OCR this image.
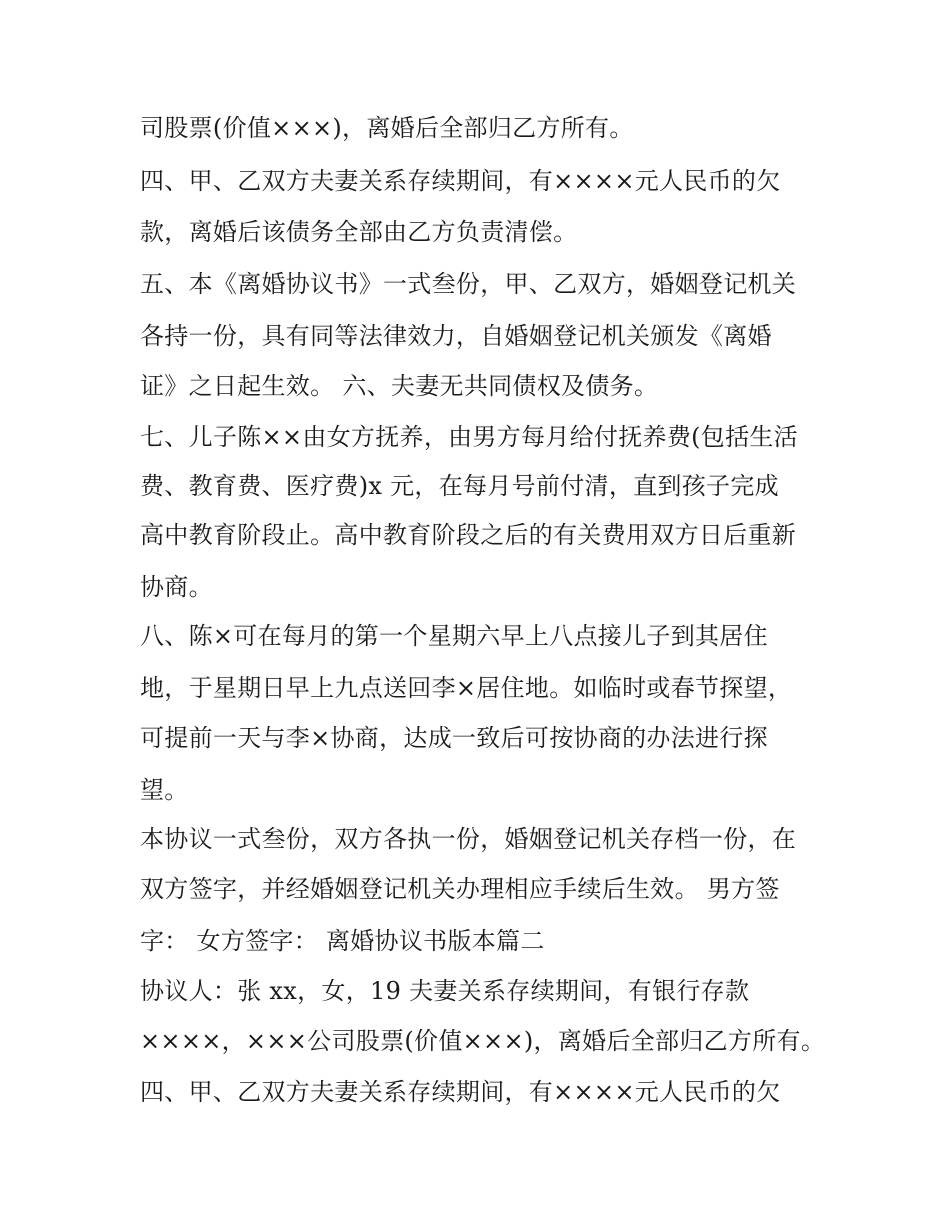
司股票(价值×××)，离婚后全部归乙方所有。
四、甲、乙双方夫妻关系存续期间，有××××元人民币的欠
款，离婚后该债务全部由乙方负责清偿。
五、本《离婚协议书》一式叁份，甲、乙双方，婚姻登记机关
各持一份，具有同等法律效力，自婚姻登记机关颁发《离婚
证》之日起生效。 六、夫妻无共同债权及债务。
七、儿子陈××由女方抚养，由男方每月给付抚养费(包括生活
费、教育费、医疗费)x 元，在每月号前付清，直到孩子完成
高中教育阶段止。高中教育阶段之后的有关费用双方日后重新
协商。
八、陈×可在每月的第一个星期六早上八点接儿子到其居住
地，于星期日早上九点送回李×居住地。如临时或春节探望，
可提前一天与李×协商，达成一致后可按协商的办法进行探
望。
本协议一式叁份，双方各执一份，婚姻登记机关存档一份，在
双方签字，并经婚姻登记机关办理相应手续后生效。 男方签
字： 女方签字： 离婚协议书版本篇二
协议人：张 xx，女，19 夫妻关系存续期间，有银行存款
××××，×××公司股票(价值×××)，离婚后全部归乙方所有。
四、甲、乙双方夫妻关系存续期间，有××××元人民币的欠
